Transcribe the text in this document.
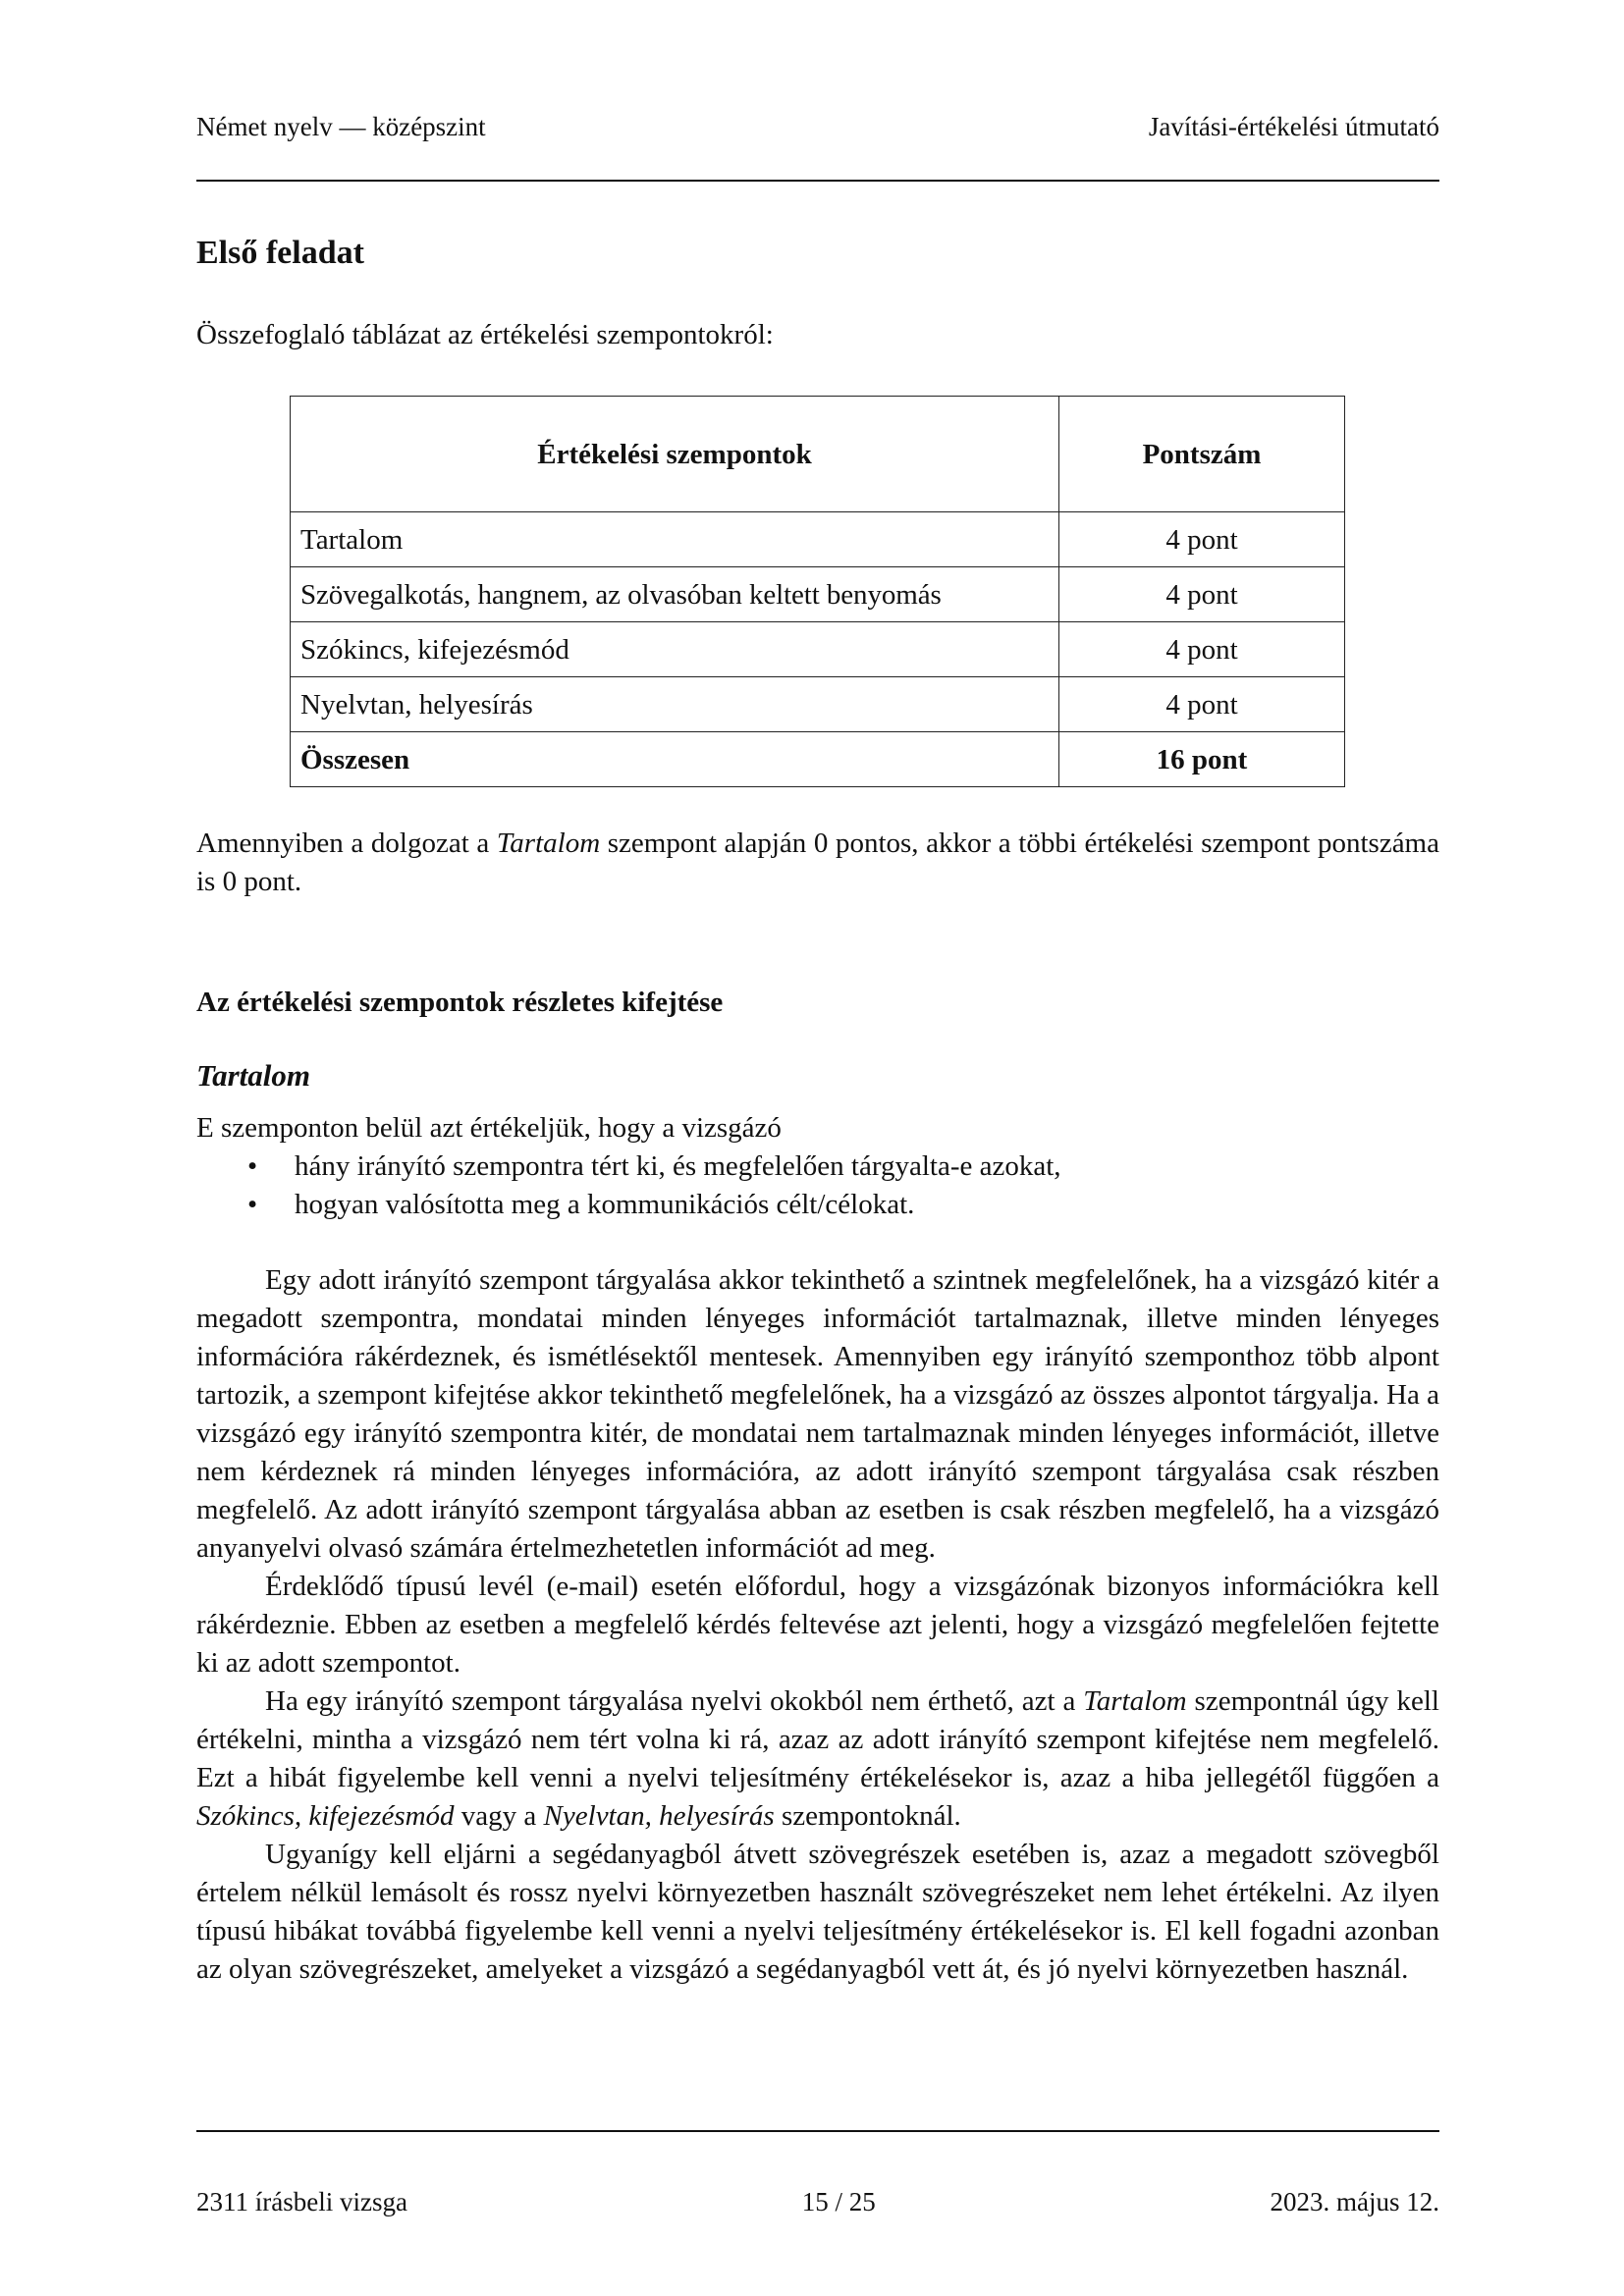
Német nyelv — középszint	Javítási-értékelési útmutató
Első feladat

Összefoglaló táblázat az értékelési szempontokról:

Értékelési szempontok	Pontszám
Tartalom	4 pont
Szövegalkotás, hangnem, az olvasóban keltett benyomás	4 pont
Szókincs, kifejezésmód	4 pont
Nyelvtan, helyesírás	4 pont
Összesen	16 pont

Amennyiben a dolgozat a Tartalom szempont alapján 0 pontos, akkor a többi értékelési szempont pontszáma is 0 pont.

Az értékelési szempontok részletes kifejtése
Tartalom

E szemponton belül azt értékeljük, hogy a vizsgázó

• hány irányító szempontra tért ki, és megfelelően tárgyalta-e azokat,
• hogyan valósította meg a kommunikációs célt/célokat.

Egy adott irányító szempont tárgyalása akkor tekinthető a szintnek megfelelőnek, ha a vizsgázó kitér a megadott szempontra, mondatai minden lényeges információt tartalmaznak, illetve minden lényeges információra rákérdeznek, és ismétlésektől mentesek. Amennyiben egy irányító szemponthoz több alpont tartozik, a szempont kifejtése akkor tekinthető megfelelőnek, ha a vizsgázó az összes alpontot tárgyalja. Ha a vizsgázó egy irányító szempontra kitér, de mondatai nem tartalmaznak minden lényeges információt, illetve nem kérdeznek rá minden lényeges információra, az adott irányító szempont tárgyalása csak részben megfelelő. Az adott irányító szempont tárgyalása abban az esetben is csak részben megfelelő, ha a vizsgázó anyanyelvi olvasó számára értelmezhetetlen információt ad meg.

Érdeklődő típusú levél (e-mail) esetén előfordul, hogy a vizsgázónak bizonyos információkra kell rákérdeznie. Ebben az esetben a megfelelő kérdés feltevése azt jelenti, hogy a vizsgázó megfelelően fejtette ki az adott szempontot.

Ha egy irányító szempont tárgyalása nyelvi okokból nem érthető, azt a Tartalom szempontnál úgy kell értékelni, mintha a vizsgázó nem tért volna ki rá, azaz az adott irányító szempont kifejtése nem megfelelő. Ezt a hibát figyelembe kell venni a nyelvi teljesítmény értékelésekor is, azaz a hiba jellegétől függően a Szókincs, kifejezésmód vagy a Nyelvtan, helyesírás szempontoknál.

Ugyanígy kell eljárni a segédanyagból átvett szövegrészek esetében is, azaz a megadott szövegből értelem nélkül lemásolt és rossz nyelvi környezetben használt szövegrészeket nem lehet értékelni. Az ilyen típusú hibákat továbbá figyelembe kell venni a nyelvi teljesítmény értékelésekor is. El kell fogadni azonban az olyan szövegrészeket, amelyeket a vizsgázó a segédanyagból vett át, és jó nyelvi környezetben használ.

2311 írásbeli vizsga	15 / 25	2023. május 12.
